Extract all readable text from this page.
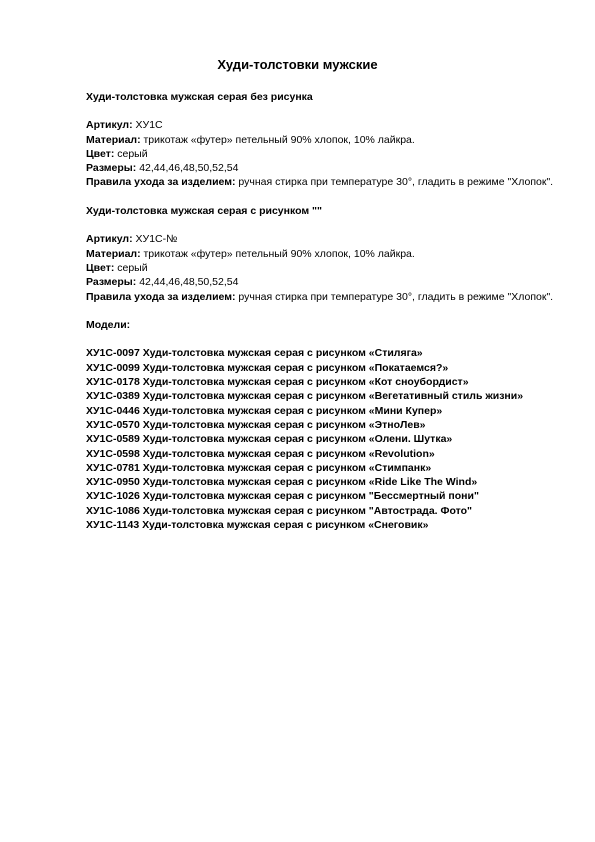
Худи-толстовки мужские
Худи-толстовка мужская серая без рисунка
Артикул: ХУ1С
Материал: трикотаж «футер» петельный 90% хлопок, 10% лайкра.
Цвет: серый
Размеры: 42,44,46,48,50,52,54
Правила ухода за изделием: ручная стирка при температуре 30°, гладить в режиме "Хлопок".
Худи-толстовка мужская серая с рисунком ""
Артикул: ХУ1С-№
Материал: трикотаж «футер» петельный 90% хлопок, 10% лайкра.
Цвет: серый
Размеры: 42,44,46,48,50,52,54
Правила ухода за изделием: ручная стирка при температуре 30°, гладить в режиме "Хлопок".
Модели:
ХУ1С-0097 Худи-толстовка мужская серая с рисунком «Стиляга»
ХУ1С-0099 Худи-толстовка мужская серая с рисунком «Покатаемся?»
ХУ1С-0178 Худи-толстовка мужская серая с рисунком «Кот сноубордист»
ХУ1С-0389 Худи-толстовка мужская серая с рисунком «Вегетативный стиль жизни»
ХУ1С-0446 Худи-толстовка мужская серая с рисунком «Мини Купер»
ХУ1С-0570 Худи-толстовка мужская серая с рисунком «ЭтноЛев»
ХУ1С-0589 Худи-толстовка мужская серая с рисунком «Олени. Шутка»
ХУ1С-0598 Худи-толстовка мужская серая с рисунком «Revolution»
ХУ1С-0781 Худи-толстовка мужская серая с рисунком «Стимпанк»
ХУ1С-0950 Худи-толстовка мужская серая с рисунком «Ride Like The Wind»
ХУ1С-1026 Худи-толстовка мужская серая с рисунком "Бессмертный пони"
ХУ1С-1086 Худи-толстовка мужская серая с рисунком "Автострада. Фото"
ХУ1С-1143 Худи-толстовка мужская серая с рисунком «Снеговик»
